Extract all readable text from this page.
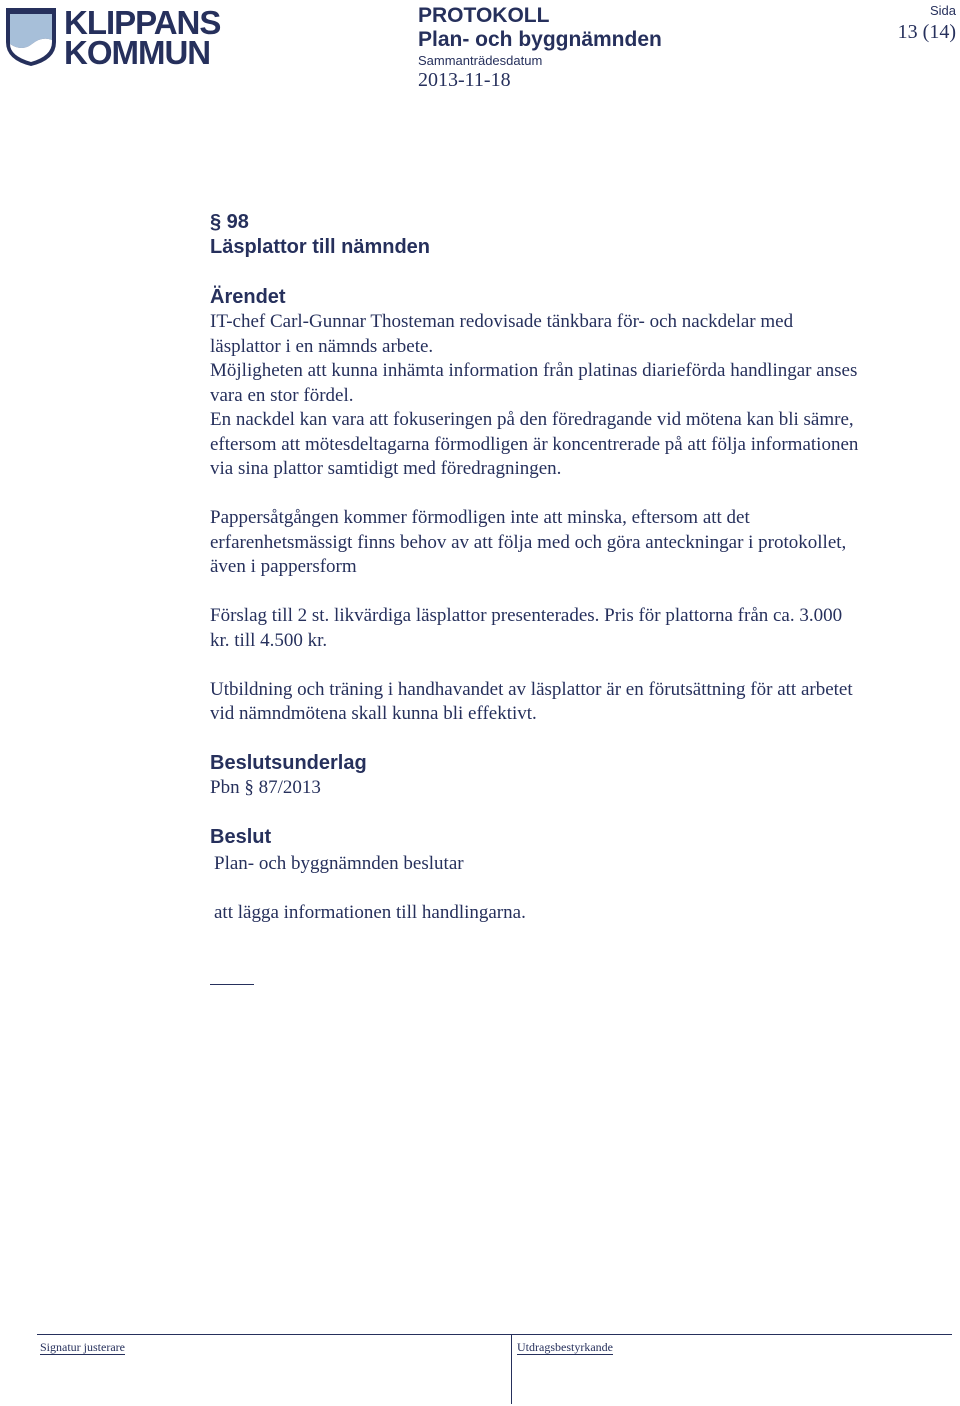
KLIPPANS
KOMMUN
PROTOKOLL
Plan- och byggnämnden
Sammanträdesdatum
2013-11-18
Sida
13 (14)

§ 98

Läsplattor till nämnden

Ärendet

IT-chef Carl-Gunnar Thosteman redovisade tänkbara för- och nackdelar med
läsplattor i en nämnds arbete.
Möjligheten att kunna inhämta information från platinas diarieförda handlingar anses
vara en stor fördel.
En nackdel kan vara att fokuseringen på den föredragande vid mötena kan bli sämre,
eftersom att mötesdeltagarna förmodligen är koncentrerade på att följa informationen
via sina plattor samtidigt med föredragningen.

Pappersåtgången kommer förmodligen inte att minska, eftersom att det
erfarenhetsmässigt finns behov av att följa med och göra anteckningar i protokollet,
även i pappersform

Förslag till 2 st. likvärdiga läsplattor presenterades. Pris för plattorna från ca. 3.000
kr. till 4.500 kr.

Utbildning och träning i handhavandet av läsplattor är en förutsättning för att arbetet
vid nämndmötena skall kunna bli effektivt.

Beslutsunderlag

Pbn § 87/2013

Beslut

Plan- och byggnämnden beslutar

att lägga informationen till handlingarna.

Signatur justerare	Utdragsbestyrkande
